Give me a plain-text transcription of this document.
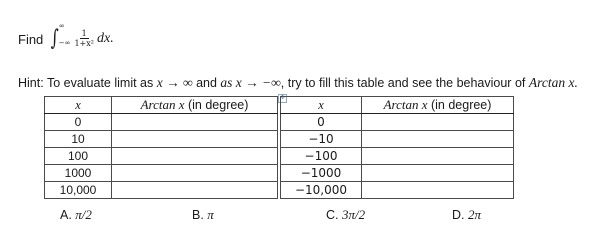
Find ∫ ∞
−∞ $\frac{1}{\text{1+x²}}$ dx.
Hint: To evaluate limit as x → ∞ and as x → −∞, try to fill this table and see the behaviour of Arctan x.
✥
x	Arctan x (in degree)
0	
10	
100	
1000	
10,000	
x	Arctan x (in degree)
0	
−10	
−100	
−1000	
−10,000	
A. π/2	B. π	C. 3π/2	D. 2π
